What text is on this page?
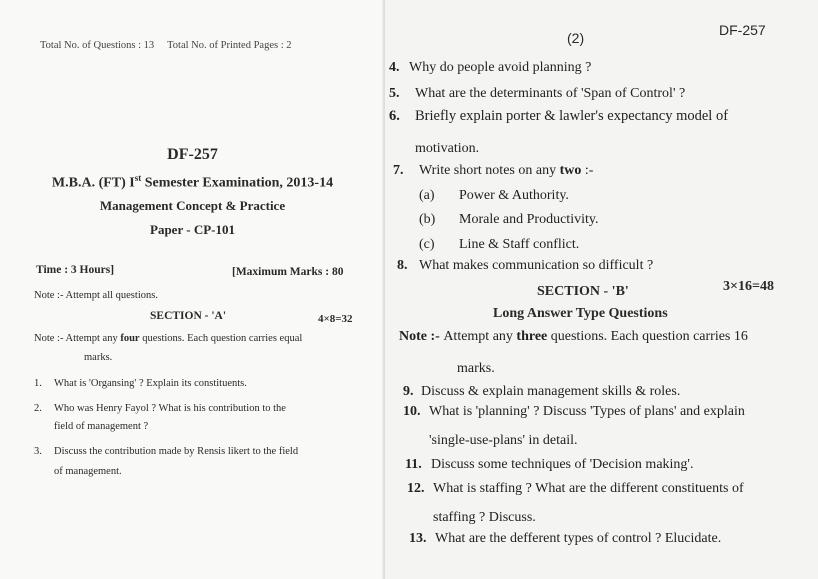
Total No. of Questions : 13     Total No. of Printed Pages : 2
DF-257
M.B.A. (FT) Ist Semester Examination, 2013-14
Management Concept & Practice
Paper - CP-101
Time : 3 Hours]	[Maximum Marks : 80
Note :- Attempt all questions.
SECTION - 'A'	4×8=32
Note :- Attempt any four questions. Each question carries equal
marks.
1. What is 'Organsing' ? Explain its constituents.
2. Who was Henry Fayol ? What is his contribution to the
field of management ?
3. Discuss the contribution made by Rensis likert to the field
of management.
(2)	DF-257
4. Why do people avoid planning ?
5. What are the determinants of 'Span of Control' ?
6. Briefly explain porter & lawler's expectancy model of
motivation.
7. Write short notes on any two :-
(a) Power & Authority.
(b) Morale and Productivity.
(c) Line & Staff conflict.
8. What makes communication so difficult ?
SECTION - 'B'	3×16=48
Long Answer Type Questions
Note :- Attempt any three questions. Each question carries 16
marks.
9. Discuss & explain management skills & roles.
10. What is 'planning' ? Discuss 'Types of plans' and explain
'single-use-plans' in detail.
11. Discuss some techniques of 'Decision making'.
12. What is staffing ? What are the different constituents of
staffing ? Discuss.
13. What are the defferent types of control ? Elucidate.
